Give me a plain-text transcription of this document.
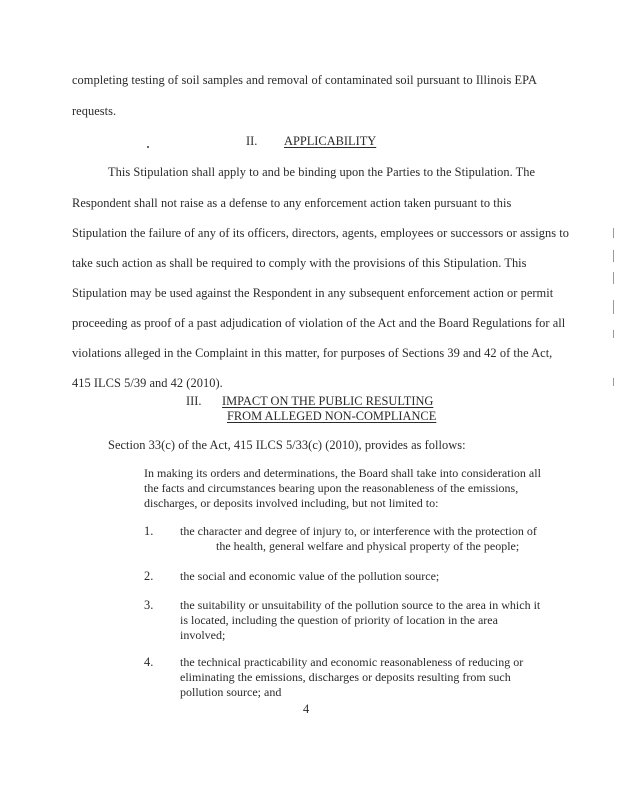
completing testing of soil samples and removal of contaminated soil pursuant to Illinois EPA
requests.
II. APPLICABILITY
This Stipulation shall apply to and be binding upon the Parties to the Stipulation. The
Respondent shall not raise as a defense to any enforcement action taken pursuant to this
Stipulation the failure of any of its officers, directors, agents, employees or successors or assigns to
take such action as shall be required to comply with the provisions of this Stipulation. This
Stipulation may be used against the Respondent in any subsequent enforcement action or permit
proceeding as proof of a past adjudication of violation of the Act and the Board Regulations for all
violations alleged in the Complaint in this matter, for purposes of Sections 39 and 42 of the Act,
415 ILCS 5/39 and 42 (2010).
III. IMPACT ON THE PUBLIC RESULTING
FROM ALLEGED NON-COMPLIANCE
Section 33(c) of the Act, 415 ILCS 5/33(c) (2010), provides as follows:
In making its orders and determinations, the Board shall take into consideration all
the facts and circumstances bearing upon the reasonableness of the emissions,
discharges, or deposits involved including, but not limited to:
1. the character and degree of injury to, or interference with the protection of
the health, general welfare and physical property of the people;
2. the social and economic value of the pollution source;
3. the suitability or unsuitability of the pollution source to the area in which it
is located, including the question of priority of location in the area
involved;
4. the technical practicability and economic reasonableness of reducing or
eliminating the emissions, discharges or deposits resulting from such
pollution source; and
4
